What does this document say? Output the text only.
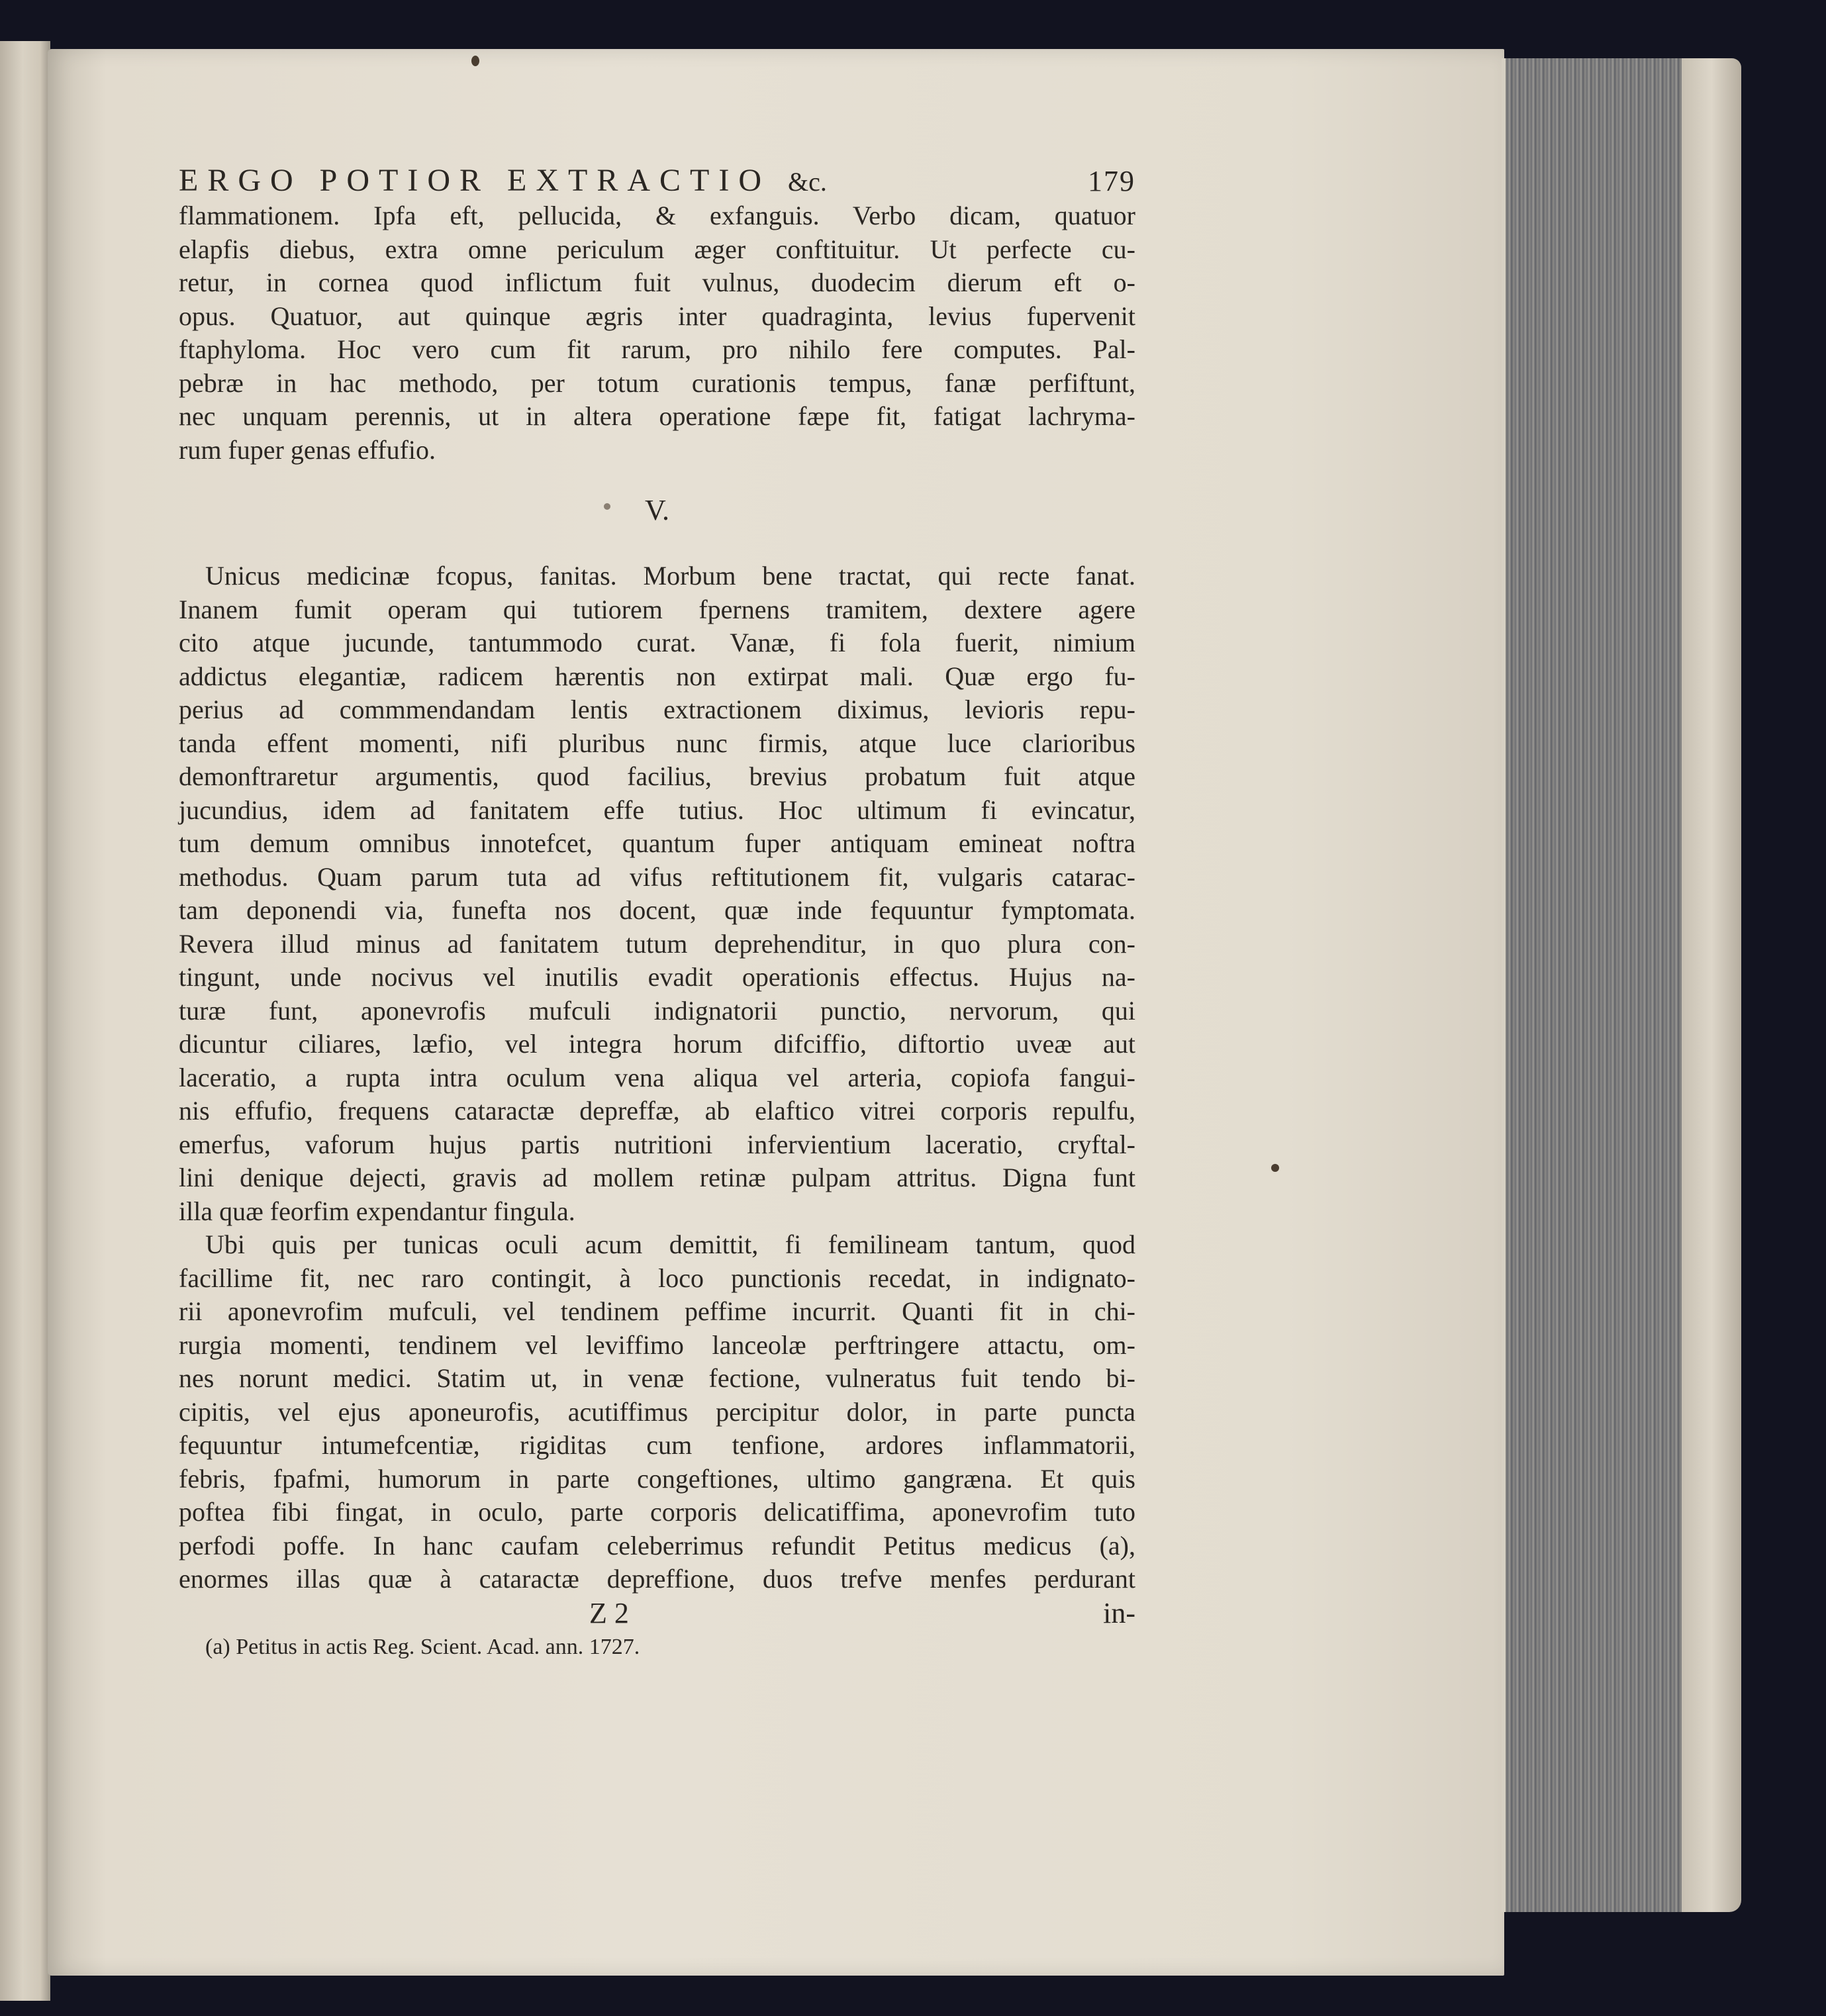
ERGO POTIOR EXTRACTIO &c.	179
flammationem. Ipfa eft, pellucida, & exfanguis. Verbo dicam, quatuor
elapfis diebus, extra omne periculum æger conftituitur. Ut perfecte cu-
retur, in cornea quod inflictum fuit vulnus, duodecim dierum eft o-
opus. Quatuor, aut quinque ægris inter quadraginta, levius fupervenit
ftaphyloma. Hoc vero cum fit rarum, pro nihilo fere computes. Pal-
pebræ in hac methodo, per totum curationis tempus, fanæ perfiftunt,
nec unquam perennis, ut in altera operatione fæpe fit, fatigat lachryma-
rum fuper genas effufio.
V.
Unicus medicinæ fcopus, fanitas. Morbum bene tractat, qui recte fanat.
Inanem fumit operam qui tutiorem fpernens tramitem, dextere agere
cito atque jucunde, tantummodo curat. Vanæ, fi fola fuerit, nimium
addictus elegantiæ, radicem hærentis non extirpat mali. Quæ ergo fu-
perius ad commmendandam lentis extractionem diximus, levioris repu-
tanda effent momenti, nifi pluribus nunc firmis, atque luce clarioribus
demonftraretur argumentis, quod facilius, brevius probatum fuit atque
jucundius, idem ad fanitatem effe tutius. Hoc ultimum fi evincatur,
tum demum omnibus innotefcet, quantum fuper antiquam emineat noftra
methodus. Quam parum tuta ad vifus reftitutionem fit, vulgaris catarac-
tam deponendi via, funefta nos docent, quæ inde fequuntur fymptomata.
Revera illud minus ad fanitatem tutum deprehenditur, in quo plura con-
tingunt, unde nocivus vel inutilis evadit operationis effectus. Hujus na-
turæ funt, aponevrofis mufculi indignatorii punctio, nervorum, qui
dicuntur ciliares, læfio, vel integra horum difciffio, diftortio uveæ aut
laceratio, a rupta intra oculum vena aliqua vel arteria, copiofa fangui-
nis effufio, frequens cataractæ depreffæ, ab elaftico vitrei corporis repulfu,
emerfus, vaforum hujus partis nutritioni infervientium laceratio, cryftal-
lini denique dejecti, gravis ad mollem retinæ pulpam attritus. Digna funt
illa quæ feorfim expendantur fingula.
Ubi quis per tunicas oculi acum demittit, fi femilineam tantum, quod
facillime fit, nec raro contingit, à loco punctionis recedat, in indignato-
rii aponevrofim mufculi, vel tendinem peffime incurrit. Quanti fit in chi-
rurgia momenti, tendinem vel leviffimo lanceolæ perftringere attactu, om-
nes norunt medici. Statim ut, in venæ fectione, vulneratus fuit tendo bi-
cipitis, vel ejus aponeurofis, acutiffimus percipitur dolor, in parte puncta
fequuntur intumefcentiæ, rigiditas cum tenfione, ardores inflammatorii,
febris, fpafmi, humorum in parte congeftiones, ultimo gangræna. Et quis
poftea fibi fingat, in oculo, parte corporis delicatiffima, aponevrofim tuto
perfodi poffe. In hanc caufam celeberrimus refundit Petitus medicus (a),
enormes illas quæ à cataractæ depreffione, duos trefve menfes perdurant
Z 2	in-
(a) Petitus in actis Reg. Scient. Acad. ann. 1727.
